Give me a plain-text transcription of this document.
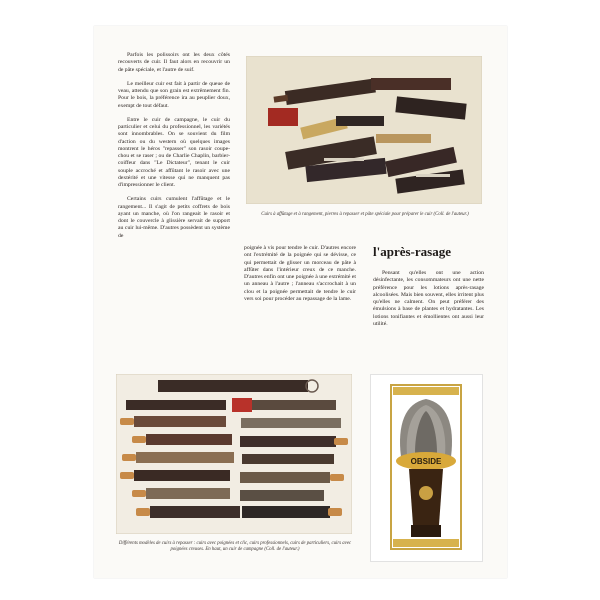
Parfois les polissoirs ont les deux côtés recouverts de cuir. Il faut alors en recouvrir un de pâte spéciale, et l'autre de suif.

Le meilleur cuir est fait à partir de queue de veau, attendu que son grain est extrêmement fin. Pour le bois, la préférence ira au peuplier doux, exempt de tout défaut.

Entre le cuir de campagne, le cuir du particulier et celui du professionnel, les variétés sont innombrables. On se souvient du film d'action ou du western où quelques images montrent le héros "repasser" son rasoir coupe-chou et se raser ; ou de Charlie Chaplin, barbier-coiffeur dans "Le Dictateur", tenant le cuir souple accroché et affûtant le rasoir avec une dextérité et une vitesse qui ne manquent pas d'impressionner le client.

Certains cuirs cumulent l'affûtage et le rangement... Il s'agit de petits coffrets de bois ayant un manche, où l'on rangeait le rasoir et dont le couvercle à glissière servait de support au cuir lui-même. D'autres possèdent un système de

poignée à vis pour tendre le cuir. D'autres encore ont l'extrémité de la poignée qui se dévisse, ce qui permettait de glisser un morceau de pâte à affûter dans l'intérieur creux de ce manche. D'autres enfin ont une poignée à une extrémité et un anneau à l'autre ; l'anneau s'accrochait à un clou et la poignée permettait de tendre le cuir vers soi pour procéder au repassage de la lame.

Cuirs à affûtage et à rangement, pierres à repasser et pâte spéciale pour préparer le cuir (Coll. de l'auteur.)
l'après-rasage

Pensant qu'elles ont une action désinfectante, les consommateurs ont une nette préférence pour les lotions après-rasage alcoolisées. Mais bien souvent, elles irritent plus qu'elles ne calment. On peut préférer des émulsions à base de plantes et hydratantes. Les lotions tonifiantes et émollientes ont aussi leur utilité.

Différents modèles de cuirs à repasser : cuirs avec poignées et clic, cuirs professionnels, cuirs de particuliers, cuirs avec poignées creuses. En haut, un cuir de campagne (Coll. de l'auteur.)
OBSIDE
